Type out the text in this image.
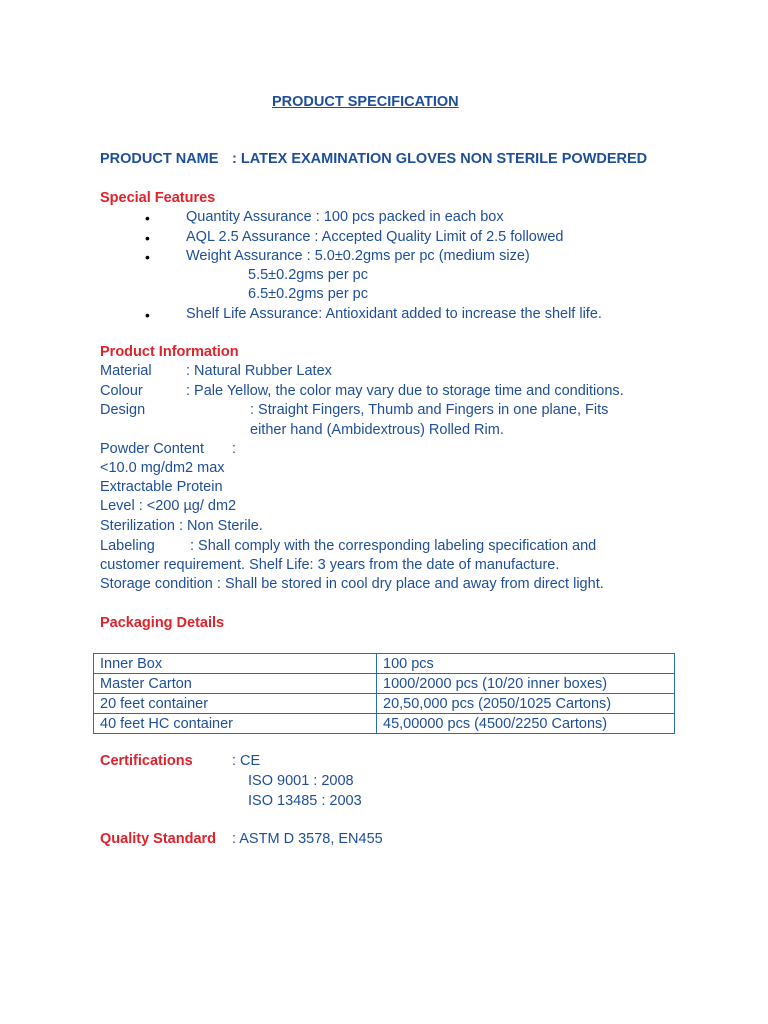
PRODUCT SPECIFICATION
PRODUCT NAME : LATEX EXAMINATION GLOVES NON STERILE POWDERED
Special Features
• Quantity Assurance : 100 pcs packed in each box
• AQL 2.5 Assurance : Accepted Quality Limit of 2.5 followed
• Weight Assurance : 5.0±0.2gms per pc (medium size)
5.5±0.2gms per pc
6.5±0.2gms per pc
• Shelf Life Assurance: Antioxidant added to increase the shelf life.
Product Information
Material : Natural Rubber Latex
Colour	: Pale Yellow, the color may vary due to storage time and conditions.
Design	: Straight Fingers, Thumb and Fingers in one plane, Fits
either hand (Ambidextrous) Rolled Rim.
Powder Content :
<10.0 mg/dm2 max
Extractable Protein
Level : <200 µg/ dm2
Sterilization : Non Sterile.
Labeling : Shall comply with the corresponding labeling specification and
customer requirement. Shelf Life: 3 years from the date of manufacture.
Storage condition : Shall be stored in cool dry place and away from direct light.
Packaging Details
Inner Box	100 pcs
Master Carton	1000/2000 pcs (10/20 inner boxes)
20 feet container	20,50,000 pcs (2050/1025 Cartons)
40 feet HC container	45,00000 pcs (4500/2250 Cartons)
Certifications	: CE
ISO 9001 : 2008
ISO 13485 : 2003
Quality Standard : ASTM D 3578, EN455
